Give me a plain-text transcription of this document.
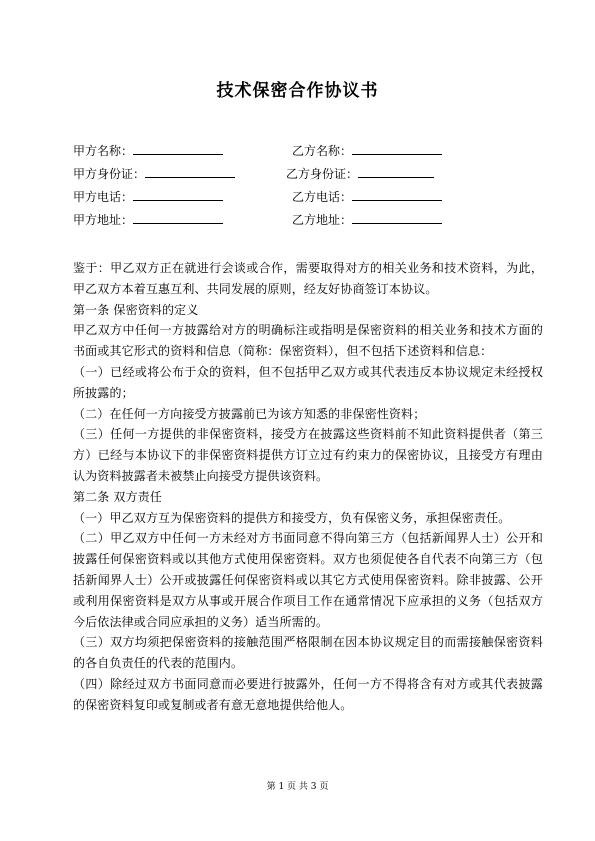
技术保密合作协议书
甲方名称：	乙方名称：
甲方身份证：	乙方身份证：
甲方电话：	乙方电话：
甲方地址：	乙方地址：

鉴于：甲乙双方正在就进行会谈或合作，需要取得对方的相关业务和技术资料，为此，甲乙双方本着互惠互利、共同发展的原则，经友好协商签订本协议。

第一条 保密资料的定义

甲乙双方中任何一方披露给对方的明确标注或指明是保密资料的相关业务和技术方面的书面或其它形式的资料和信息（简称：保密资料），但不包括下述资料和信息：

（一）已经或将公布于众的资料，但不包括甲乙双方或其代表违反本协议规定未经授权所披露的；

（二）在任何一方向接受方披露前已为该方知悉的非保密性资料；

（三）任何一方提供的非保密资料，接受方在披露这些资料前不知此资料提供者（第三方）已经与本协议下的非保密资料提供方订立过有约束力的保密协议，且接受方有理由认为资料披露者未被禁止向接受方提供该资料。

第二条 双方责任

（一）甲乙双方互为保密资料的提供方和接受方，负有保密义务，承担保密责任。

（二）甲乙双方中任何一方未经对方书面同意不得向第三方（包括新闻界人士）公开和披露任何保密资料或以其他方式使用保密资料。双方也须促使各自代表不向第三方（包括新闻界人士）公开或披露任何保密资料或以其它方式使用保密资料。除非披露、公开或利用保密资料是双方从事或开展合作项目工作在通常情况下应承担的义务（包括双方今后依法律或合同应承担的义务）适当所需的。

（三）双方均须把保密资料的接触范围严格限制在因本协议规定目的而需接触保密资料的各自负责任的代表的范围内。

（四）除经过双方书面同意而必要进行披露外，任何一方不得将含有对方或其代表披露的保密资料复印或复制或者有意无意地提供给他人。

第 1 页 共 3 页
